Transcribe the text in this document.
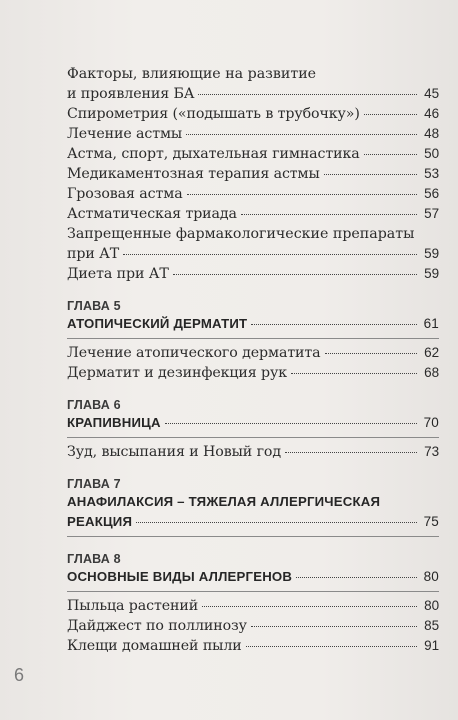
Факторы, влияющие на развитие
и проявления БА	45
Спирометрия («подышать в трубочку»)	46
Лечение астмы	48
Астма, спорт, дыхательная гимнастика	50
Медикаментозная терапия астмы	53
Грозовая астма	56
Астматическая триада	57
Запрещенные фармакологические препараты
при АТ	59
Диета при АТ	59
ГЛАВА 5
АТОПИЧЕСКИЙ ДЕРМАТИТ	61
Лечение атопического дерматита	62
Дерматит и дезинфекция рук	68
ГЛАВА 6
КРАПИВНИЦА	70
Зуд, высыпания и Новый год	73
ГЛАВА 7
АНАФИЛАКСИЯ – ТЯЖЕЛАЯ АЛЛЕРГИЧЕСКАЯ
РЕАКЦИЯ	75
ГЛАВА 8
ОСНОВНЫЕ ВИДЫ АЛЛЕРГЕНОВ	80
Пыльца растений	80
Дайджест по поллинозу	85
Клещи домашней пыли	91
6
